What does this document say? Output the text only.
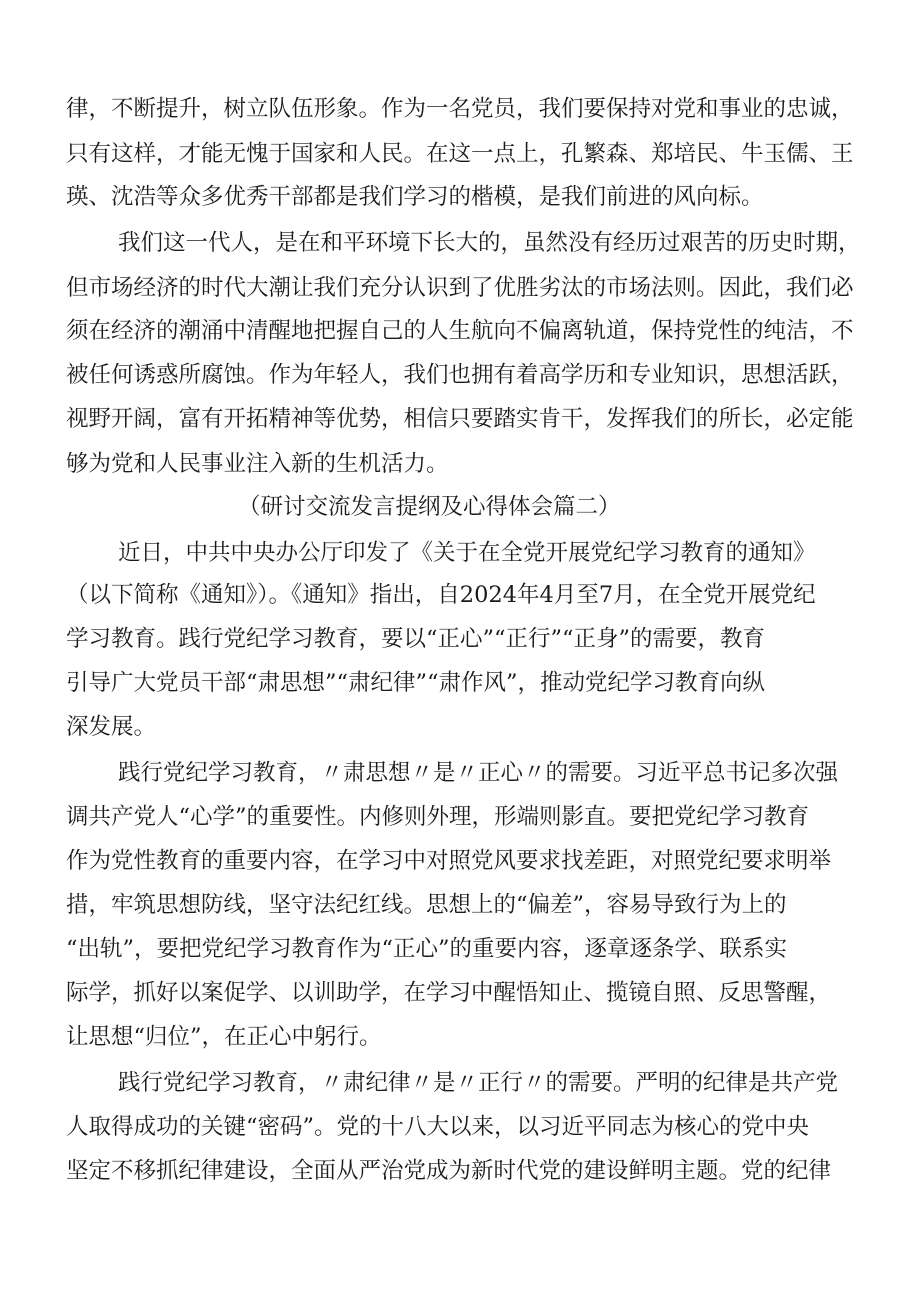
律，不断提升，树立队伍形象。作为一名党员，我们要保持对党和事业的忠诚，
只有这样，才能无愧于国家和人民。在这一点上，孔繁森、郑培民、牛玉儒、王
瑛、沈浩等众多优秀干部都是我们学习的楷模，是我们前进的风向标。
我们这一代人，是在和平环境下长大的，虽然没有经历过艰苦的历史时期，
但市场经济的时代大潮让我们充分认识到了优胜劣汰的市场法则。因此，我们必
须在经济的潮涌中清醒地把握自己的人生航向不偏离轨道，保持党性的纯洁，不
被任何诱惑所腐蚀。作为年轻人，我们也拥有着高学历和专业知识，思想活跃，
视野开阔，富有开拓精神等优势，相信只要踏实肯干，发挥我们的所长，必定能
够为党和人民事业注入新的生机活力。
（研讨交流发言提纲及心得体会篇二）
近日，中共中央办公厅印发了《关于在全党开展党纪学习教育的通知》
（以下简称《通知》）。《通知》指出，自2024年4月至7月，在全党开展党纪
学习教育。践行党纪学习教育，要以“正心”“正行”“正身”的需要，教育
引导广大党员干部“肃思想”“肃纪律”“肃作风”，推动党纪学习教育向纵
深发展。
践行党纪学习教育，〃肃思想〃是〃正心〃的需要。习近平总书记多次强
调共产党人“心学”的重要性。内修则外理，形端则影直。要把党纪学习教育
作为党性教育的重要内容，在学习中对照党风要求找差距，对照党纪要求明举
措，牢筑思想防线，坚守法纪红线。思想上的“偏差”，容易导致行为上的
“出轨”，要把党纪学习教育作为“正心”的重要内容，逐章逐条学、联系实
际学，抓好以案促学、以训助学，在学习中醒悟知止、揽镜自照、反思警醒，
让思想“归位”，在正心中躬行。
践行党纪学习教育，〃肃纪律〃是〃正行〃的需要。严明的纪律是共产党
人取得成功的关键“密码”。党的十八大以来，以习近平同志为核心的党中央
坚定不移抓纪律建设，全面从严治党成为新时代党的建设鲜明主题。党的纪律
